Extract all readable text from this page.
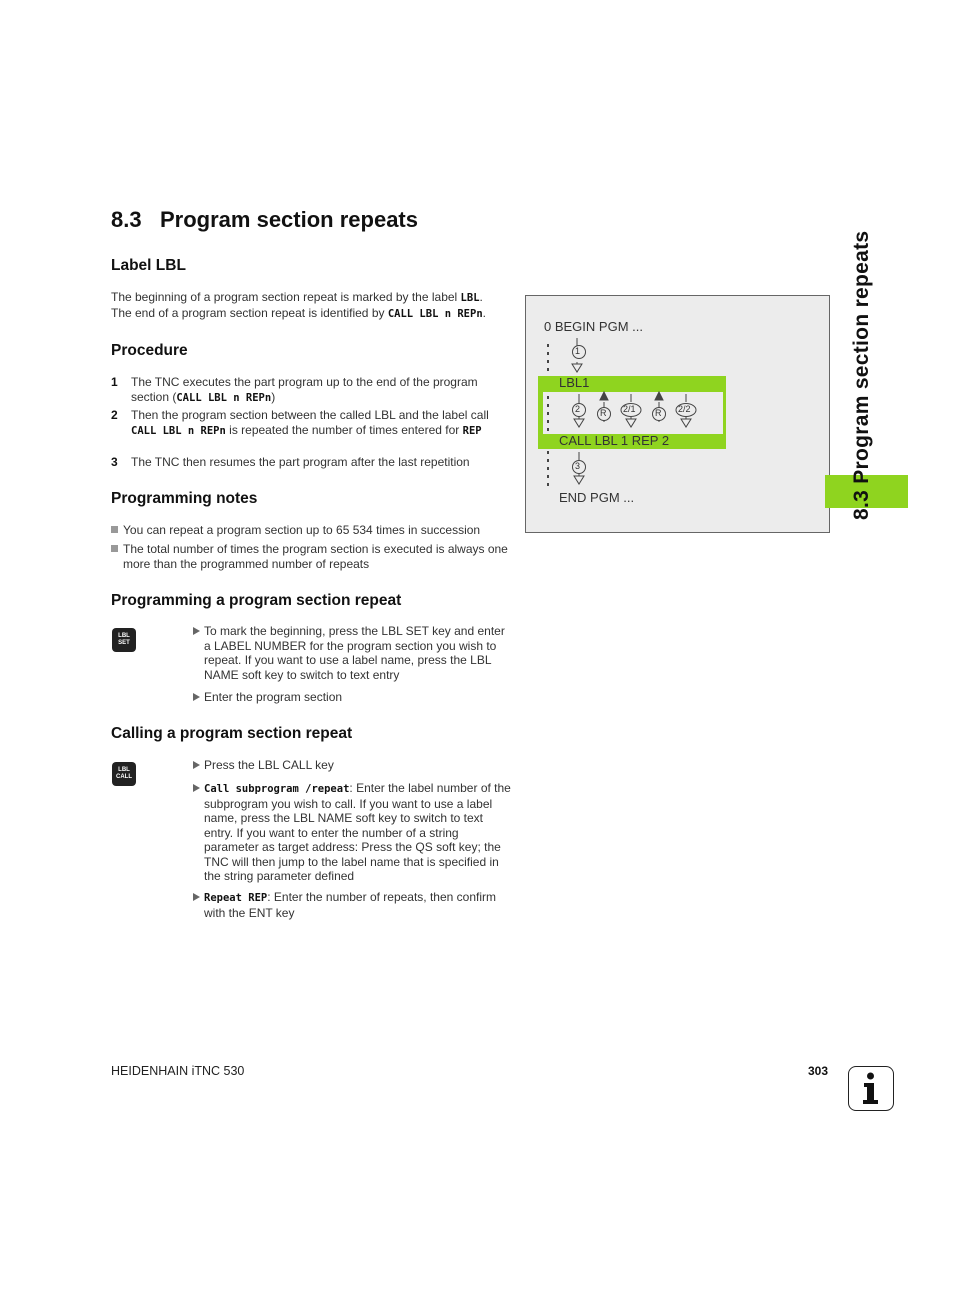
8.3 Program section repeats
Label LBL
The beginning of a program section repeat is marked by the label LBL.
The end of a program section repeat is identified by CALL LBL n REPn.
Procedure
1 The TNC executes the part program up to the end of the program section (CALL LBL n REPn)
2 Then the program section between the called LBL and the label call CALL LBL n REPn is repeated the number of times entered for REP
3 The TNC then resumes the part program after the last repetition
Programming notes
You can repeat a program section up to 65 534 times in succession
The total number of times the program section is executed is always one more than the programmed number of repeats
Programming a program section repeat
LBL
SET
To mark the beginning, press the LBL SET key and enter a LABEL NUMBER for the program section you wish to repeat. If you want to use a label name, press the LBL NAME soft key to switch to text entry
Enter the program section
Calling a program section repeat
LBL
CALL
Press the LBL CALL key
Call subprogram /repeat: Enter the label number of the subprogram you wish to call. If you want to use a label name, press the LBL NAME soft key to switch to text entry. If you want to enter the number of a string parameter as target address: Press the QS soft key; the TNC will then jump to the label name that is specified in the string parameter defined
Repeat REP: Enter the number of repeats, then confirm with the ENT key
0 BEGIN PGM ...
LBL1
CALL LBL 1 REP 2
END PGM ...
1
2 R 2/1 R 2/2
3	8.3 Program section repeats
HEIDENHAIN iTNC 530	303
